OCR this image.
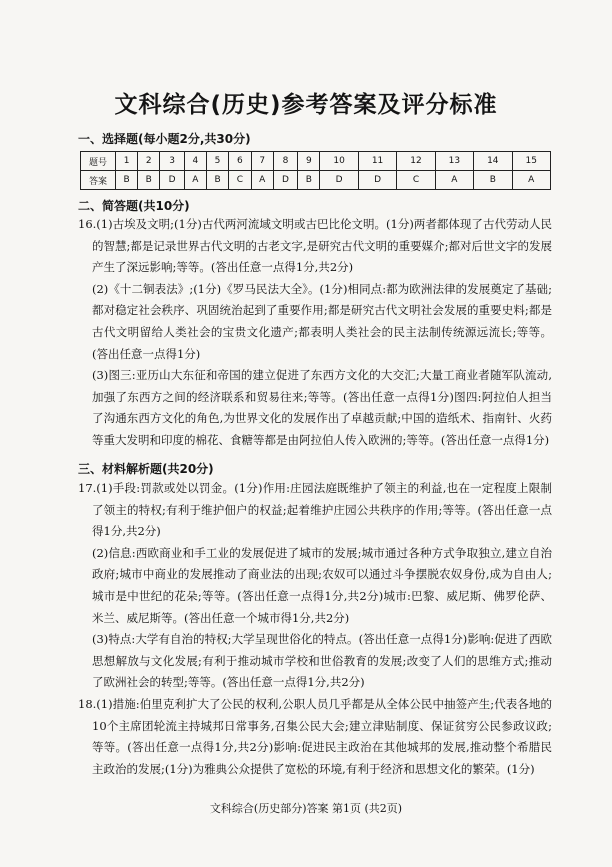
文科综合(历史)参考答案及评分标准
一、选择题(每小题2分,共30分)
题号	1	2	3	4	5	6	7	8	9	10	11	12	13	14	15
答案	B	B	D	A	B	C	A	D	B	D	D	C	A	B	A
二、简答题(共10分)

16.(1)古埃及文明;(1分)古代两河流域文明或古巴比伦文明。(1分)两者都体现了古代劳动人民的智慧;都是记录世界古代文明的古老文字,是研究古代文明的重要媒介;都对后世文字的发展产生了深远影响;等等。(答出任意一点得1分,共2分)

(2)《十二铜表法》;(1分)《罗马民法大全》。(1分)相同点:都为欧洲法律的发展奠定了基础;都对稳定社会秩序、巩固统治起到了重要作用;都是研究古代文明社会发展的重要史料;都是古代文明留给人类社会的宝贵文化遗产;都表明人类社会的民主法制传统源远流长;等等。(答出任意一点得1分)

(3)图三:亚历山大东征和帝国的建立促进了东西方文化的大交汇;大量工商业者随军队流动,加强了东西方之间的经济联系和贸易往来;等等。(答出任意一点得1分)图四:阿拉伯人担当了沟通东西方文化的角色,为世界文化的发展作出了卓越贡献;中国的造纸术、指南针、火药等重大发明和印度的棉花、食糖等都是由阿拉伯人传入欧洲的;等等。(答出任意一点得1分)

三、材料解析题(共20分)

17.(1)手段:罚款或处以罚金。(1分)作用:庄园法庭既维护了领主的利益,也在一定程度上限制了领主的特权;有利于维护佃户的权益;起着维护庄园公共秩序的作用;等等。(答出任意一点得1分,共2分)

(2)信息:西欧商业和手工业的发展促进了城市的发展;城市通过各种方式争取独立,建立自治政府;城市中商业的发展推动了商业法的出现;农奴可以通过斗争摆脱农奴身份,成为自由人;城市是中世纪的花朵;等等。(答出任意一点得1分,共2分)城市:巴黎、威尼斯、佛罗伦萨、米兰、威尼斯等。(答出任意一个城市得1分,共2分)

(3)特点:大学有自治的特权;大学呈现世俗化的特点。(答出任意一点得1分)影响:促进了西欧思想解放与文化发展;有利于推动城市学校和世俗教育的发展;改变了人们的思维方式;推动了欧洲社会的转型;等等。(答出任意一点得1分,共2分)

18.(1)措施:伯里克利扩大了公民的权利,公职人员几乎都是从全体公民中抽签产生;代表各地的10个主席团轮流主持城邦日常事务,召集公民大会;建立津贴制度、保证贫穷公民参政议政;等等。(答出任意一点得1分,共2分)影响:促进民主政治在其他城邦的发展,推动整个希腊民主政治的发展;(1分)为雅典公众提供了宽松的环境,有利于经济和思想文化的繁荣。(1分)

文科综合(历史部分)答案 第1页 (共2页)
